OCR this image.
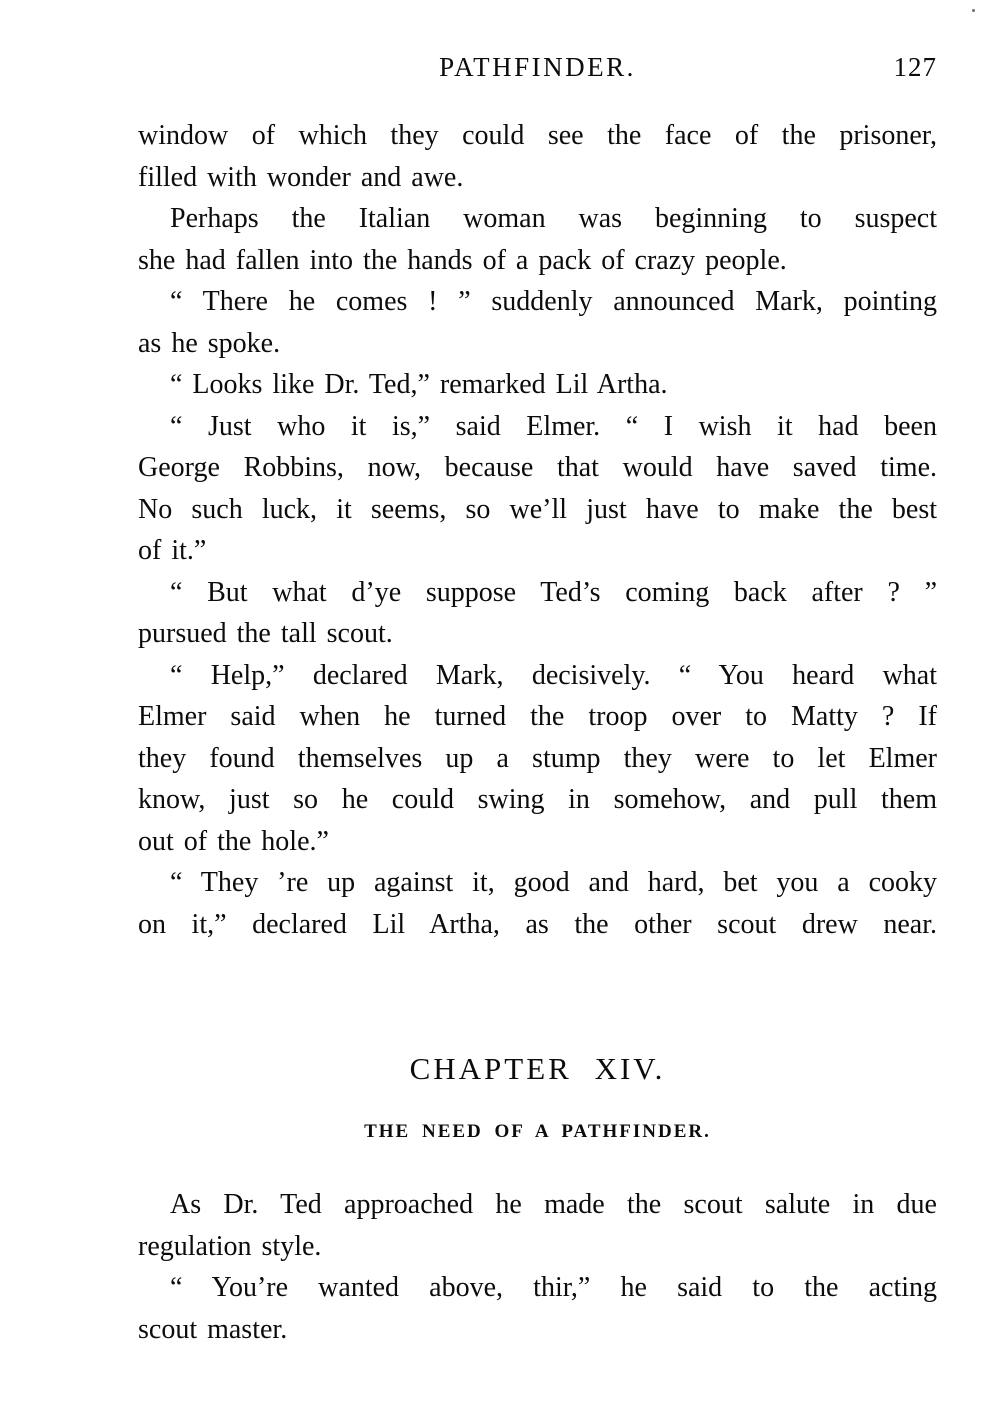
PATHFINDER.	127
window of which they could see the face of the prisoner,
filled with wonder and awe.
Perhaps the Italian woman was beginning to suspect
she had fallen into the hands of a pack of crazy people.
“ There he comes ! ” suddenly announced Mark, pointing
as he spoke.
“ Looks like Dr. Ted,” remarked Lil Artha.
“ Just who it is,” said Elmer. “ I wish it had been
George Robbins, now, because that would have saved time.
No such luck, it seems, so we’ll just have to make the best
of it.”
“ But what d’ye suppose Ted’s coming back after ? ”
pursued the tall scout.
“ Help,” declared Mark, decisively. “ You heard what
Elmer said when he turned the troop over to Matty ? If
they found themselves up a stump they were to let Elmer
know, just so he could swing in somehow, and pull them
out of the hole.”
“ They ’re up against it, good and hard, bet you a cooky
on it,” declared Lil Artha, as the other scout drew near.
CHAPTER XIV.
THE NEED OF A PATHFINDER.
As Dr. Ted approached he made the scout salute in due
regulation style.
“ You’re wanted above, thir,” he said to the acting
scout master.
